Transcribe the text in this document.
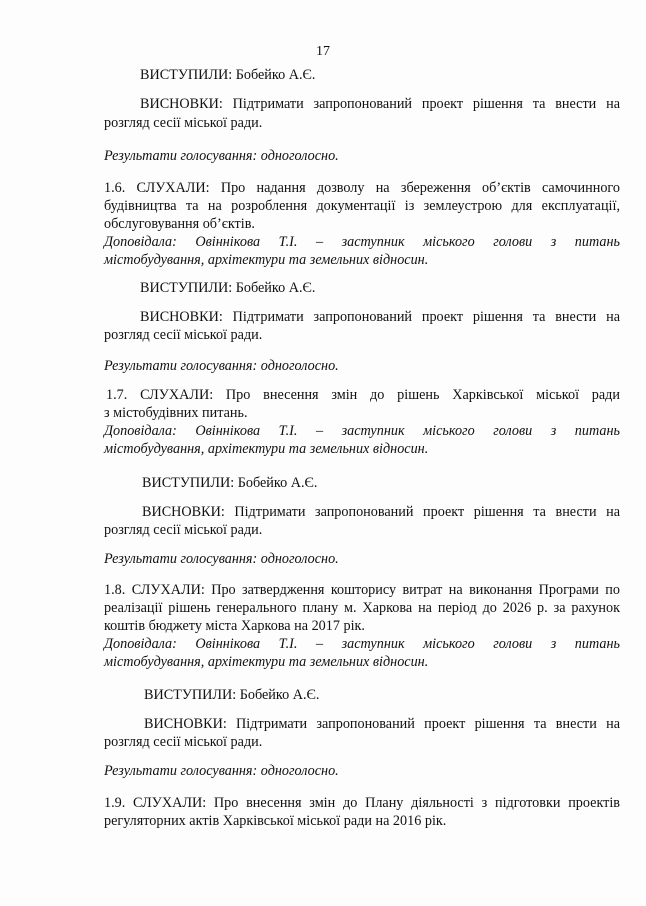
17
ВИСТУПИЛИ: Бобейко А.Є.
ВИСНОВКИ: Підтримати запропонований проект рішення та внести на
розгляд сесії міської ради.
Результати голосування: одноголосно.
1.6. СЛУХАЛИ: Про надання дозволу на збереження об’єктів самочинного
будівництва та на розроблення документації із землеустрою для експлуатації,
обслуговування об’єктів.
Доповідала: Овіннікова Т.І. – заступник міського голови з питань
містобудування, архітектури та земельних відносин.
ВИСТУПИЛИ: Бобейко А.Є.
ВИСНОВКИ: Підтримати запропонований проект рішення та внести на
розгляд сесії міської ради.
Результати голосування: одноголосно.
1.7. СЛУХАЛИ: Про внесення змін до рішень Харківської міської ради
з містобудівних питань.
Доповідала: Овіннікова Т.І. – заступник міського голови з питань
містобудування, архітектури та земельних відносин.
ВИСТУПИЛИ: Бобейко А.Є.
ВИСНОВКИ: Підтримати запропонований проект рішення та внести на
розгляд сесії міської ради.
Результати голосування: одноголосно.
1.8. СЛУХАЛИ: Про затвердження кошторису витрат на виконання Програми по
реалізації рішень генерального плану м. Харкова на період до 2026 р. за рахунок
коштів бюджету міста Харкова на 2017 рік.
Доповідала: Овіннікова Т.І. – заступник міського голови з питань
містобудування, архітектури та земельних відносин.
ВИСТУПИЛИ: Бобейко А.Є.
ВИСНОВКИ: Підтримати запропонований проект рішення та внести на
розгляд сесії міської ради.
Результати голосування: одноголосно.
1.9. СЛУХАЛИ: Про внесення змін до Плану діяльності з підготовки проектів
регуляторних актів Харківської міської ради на 2016 рік.
